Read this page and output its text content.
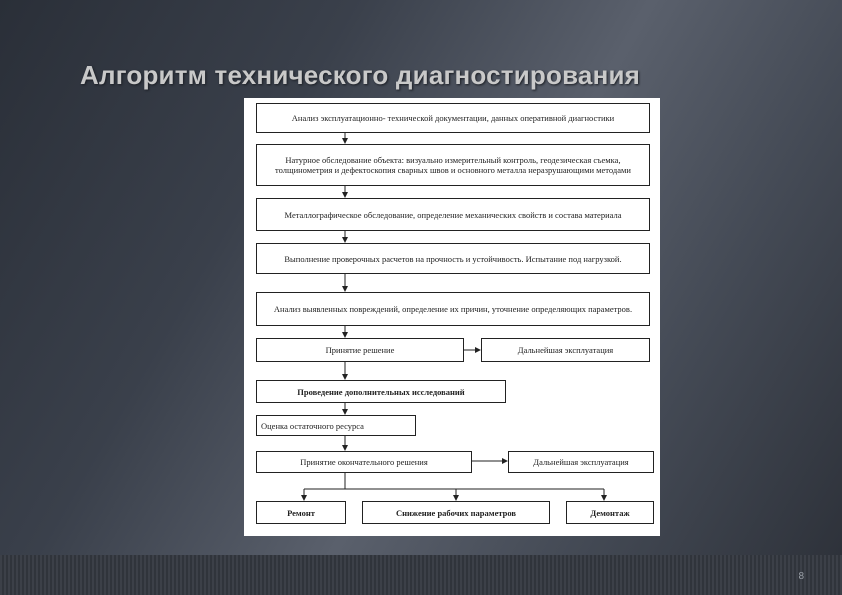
Алгоритм технического диагностирования
Анализ эксплуатационно- технической документации, данных оперативной диагностики
Натурное обследование объекта: визуально измерительный контроль, геодезическая съемка, толщинометрия и дефектоскопия сварных швов и основного металла неразрушающими методами
Металлографическое обследование, определение механических свойств и состава материала
Выполнение проверочных расчетов на прочность и устойчивость. Испытание под нагрузкой.
Анализ выявленных повреждений, определение их причин, уточнение определяющих параметров.
Принятие решение	Дальнейшая эксплуатация
Проведение дополнительных исследований
Оценка остаточного ресурса
Принятие окончательного решения	Дальнейшая эксплуатация
Ремонт	Снижение рабочих параметров	Демонтаж
8
